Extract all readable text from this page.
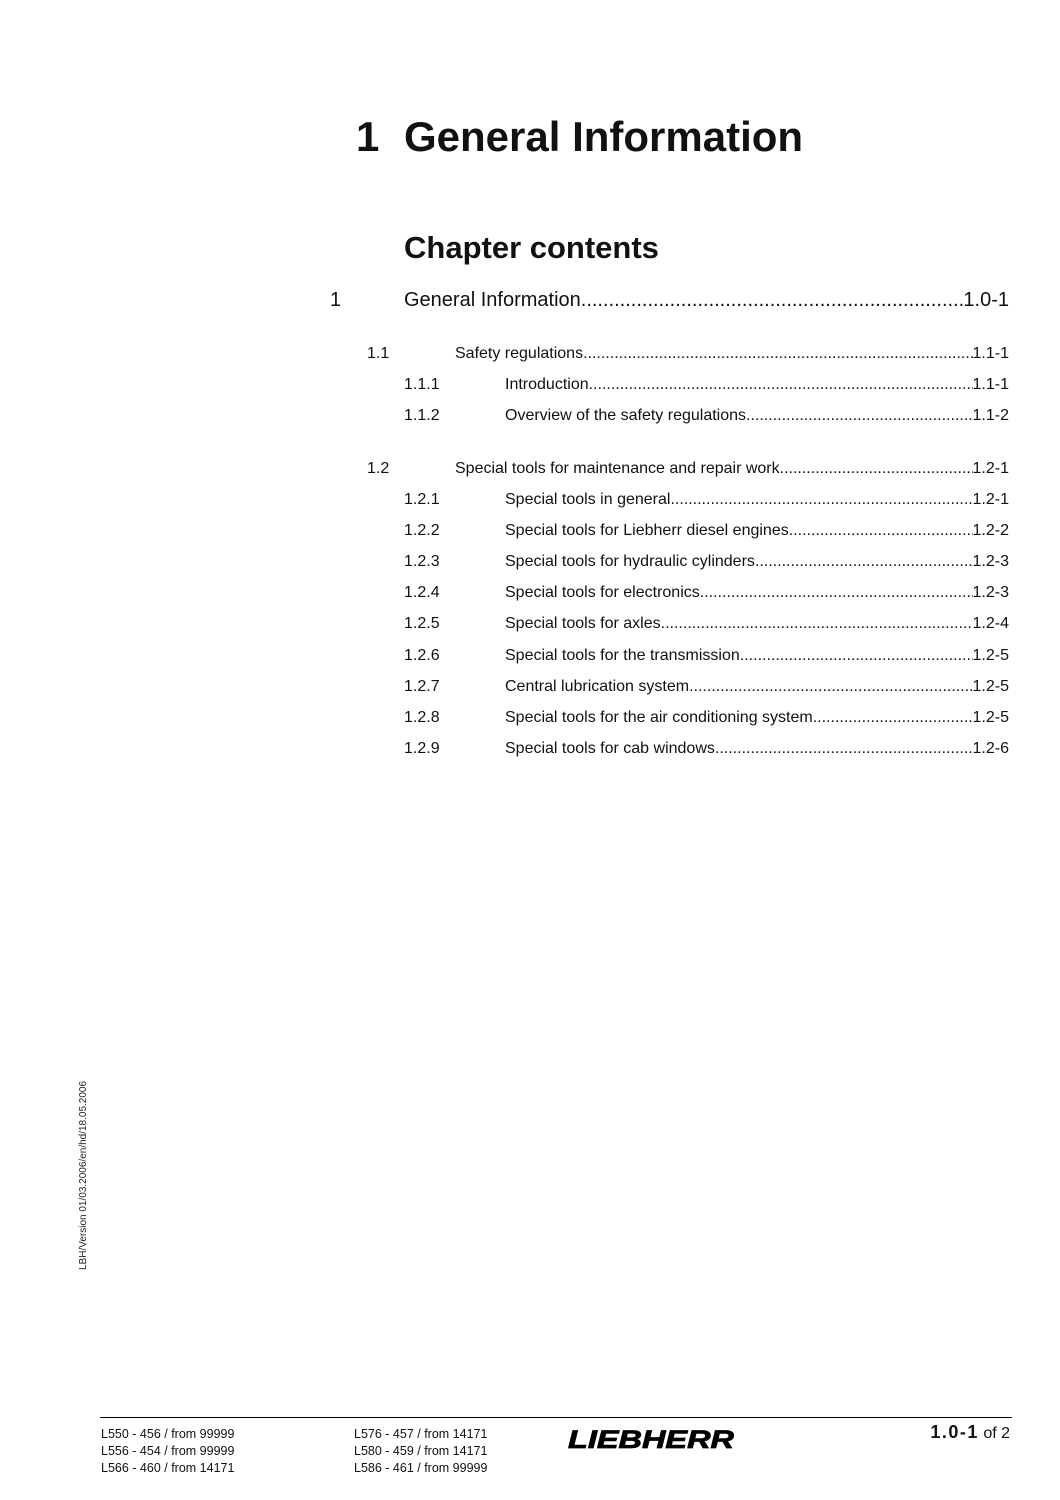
1 General Information
Chapter contents
1	General Information .....	1.0-1
1.1	Safety regulations .....	1.1-1
1.1.1	Introduction .....	1.1-1
1.1.2	Overview of the safety regulations .....	1.1-2
1.2	Special tools for maintenance and repair work .....	1.2-1
1.2.1	Special tools in general .....	1.2-1
1.2.2	Special tools for Liebherr diesel engines .....	1.2-2
1.2.3	Special tools for hydraulic cylinders .....	1.2-3
1.2.4	Special tools for electronics .....	1.2-3
1.2.5	Special tools for axles .....	1.2-4
1.2.6	Special tools for the transmission .....	1.2-5
1.2.7	Central lubrication system .....	1.2-5
1.2.8	Special tools for the air conditioning system .....	1.2-5
1.2.9	Special tools for cab windows .....	1.2-6
LBH/Version 01/03.2006/en/hd/18.05.2006
L550 - 456 / from 99999
L556 - 454 / from 99999
L566 - 460 / from 14171
L576 - 457 / from 14171
L580 - 459 / from 14171
L586 - 461 / from 99999
LIEBHERR	1.0-1 of 2
